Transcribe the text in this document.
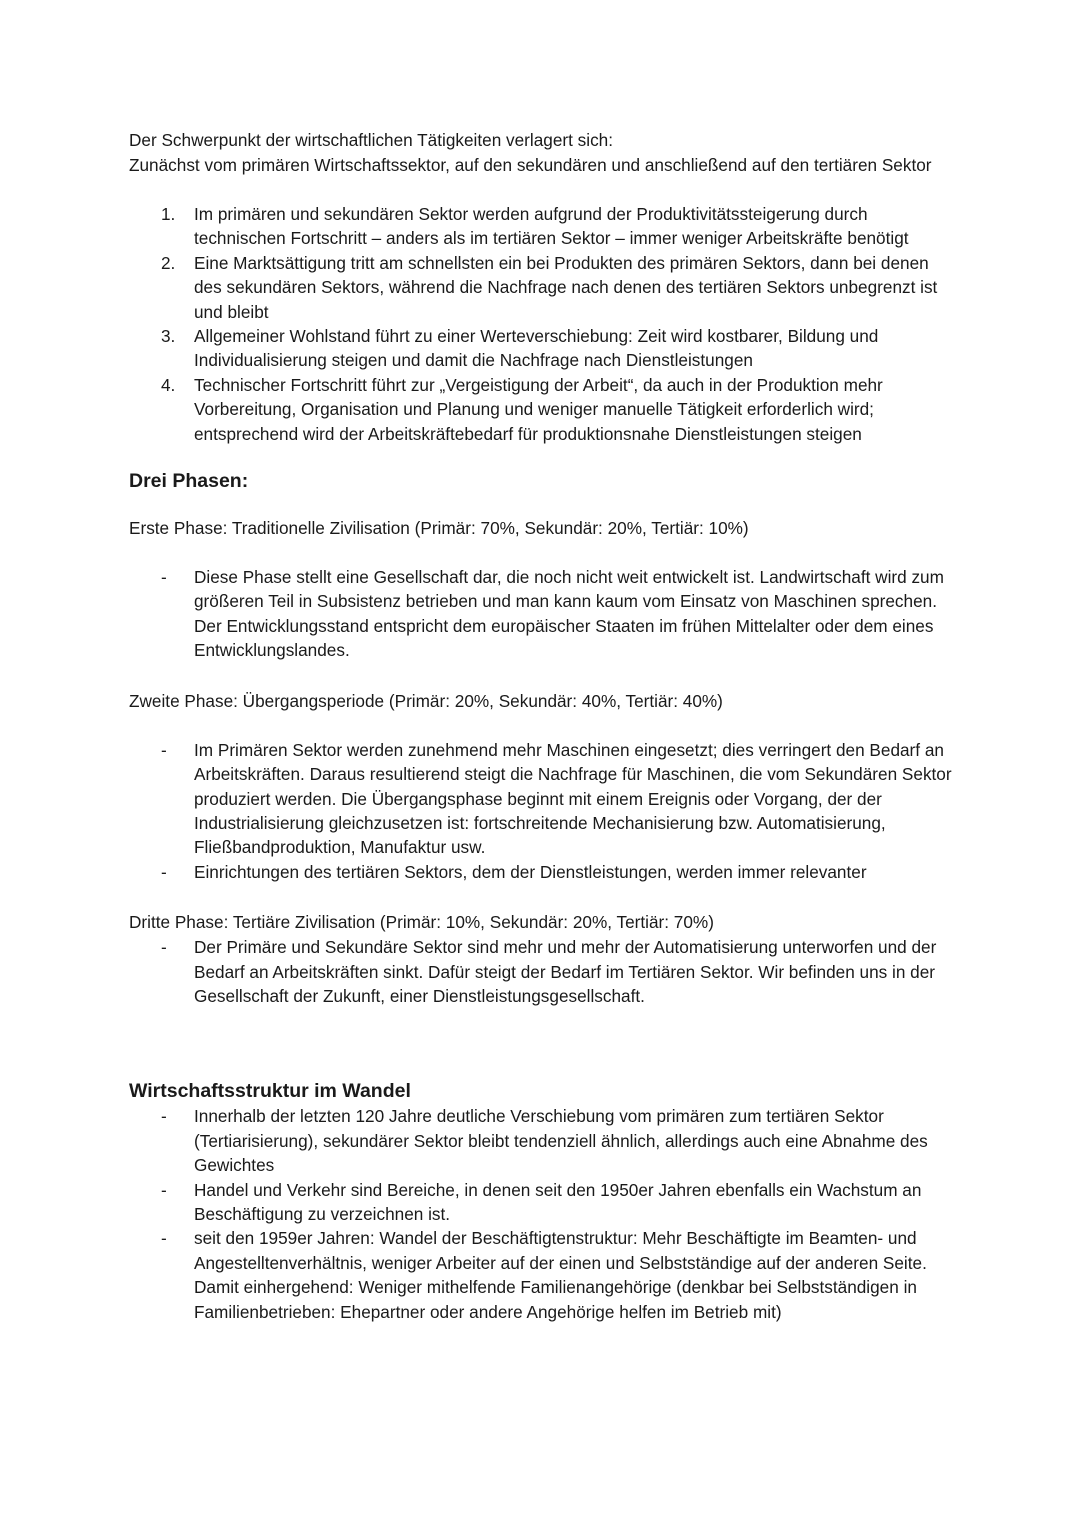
Der Schwerpunkt der wirtschaftlichen Tätigkeiten verlagert sich:

Zunächst vom primären Wirtschaftssektor, auf den sekundären und anschließend auf den tertiären Sektor

1. Im primären und sekundären Sektor werden aufgrund der Produktivitätssteigerung durch technischen Fortschritt – anders als im tertiären Sektor – immer weniger Arbeitskräfte benötigt
2. Eine Marktsättigung tritt am schnellsten ein bei Produkten des primären Sektors, dann bei denen des sekundären Sektors, während die Nachfrage nach denen des tertiären Sektors unbegrenzt ist und bleibt
3. Allgemeiner Wohlstand führt zu einer Werteverschiebung: Zeit wird kostbarer, Bildung und Individualisierung steigen und damit die Nachfrage nach Dienstleistungen
4. Technischer Fortschritt führt zur „Vergeistigung der Arbeit“, da auch in der Produktion mehr Vorbereitung, Organisation und Planung und weniger manuelle Tätigkeit erforderlich wird; entsprechend wird der Arbeitskräftebedarf für produktionsnahe Dienstleistungen steigen
Drei Phasen:

Erste Phase: Traditionelle Zivilisation (Primär: 70%, Sekundär: 20%, Tertiär: 10%)

- Diese Phase stellt eine Gesellschaft dar, die noch nicht weit entwickelt ist. Landwirtschaft wird zum größeren Teil in Subsistenz betrieben und man kann kaum vom Einsatz von Maschinen sprechen. Der Entwicklungsstand entspricht dem europäischer Staaten im frühen Mittelalter oder dem eines Entwicklungslandes.

Zweite Phase: Übergangsperiode (Primär: 20%, Sekundär: 40%, Tertiär: 40%)

- Im Primären Sektor werden zunehmend mehr Maschinen eingesetzt; dies verringert den Bedarf an Arbeitskräften. Daraus resultierend steigt die Nachfrage für Maschinen, die vom Sekundären Sektor produziert werden. Die Übergangsphase beginnt mit einem Ereignis oder Vorgang, der der Industrialisierung gleichzusetzen ist: fortschreitende Mechanisierung bzw. Automatisierung, Fließbandproduktion, Manufaktur usw.
- Einrichtungen des tertiären Sektors, dem der Dienstleistungen, werden immer relevanter

Dritte Phase: Tertiäre Zivilisation (Primär: 10%, Sekundär: 20%, Tertiär: 70%)

- Der Primäre und Sekundäre Sektor sind mehr und mehr der Automatisierung unterworfen und der Bedarf an Arbeitskräften sinkt. Dafür steigt der Bedarf im Tertiären Sektor. Wir befinden uns in der Gesellschaft der Zukunft, einer Dienstleistungsgesellschaft.
Wirtschaftsstruktur im Wandel
- Innerhalb der letzten 120 Jahre deutliche Verschiebung vom primären zum tertiären Sektor (Tertiarisierung), sekundärer Sektor bleibt tendenziell ähnlich, allerdings auch eine Abnahme des Gewichtes
- Handel und Verkehr sind Bereiche, in denen seit den 1950er Jahren ebenfalls ein Wachstum an Beschäftigung zu verzeichnen ist.
- seit den 1959er Jahren: Wandel der Beschäftigtenstruktur: Mehr Beschäftigte im Beamten- und Angestelltenverhältnis, weniger Arbeiter auf der einen und Selbstständige auf der anderen Seite.
Damit einhergehend: Weniger mithelfende Familienangehörige (denkbar bei Selbstständigen in Familienbetrieben: Ehepartner oder andere Angehörige helfen im Betrieb mit)
